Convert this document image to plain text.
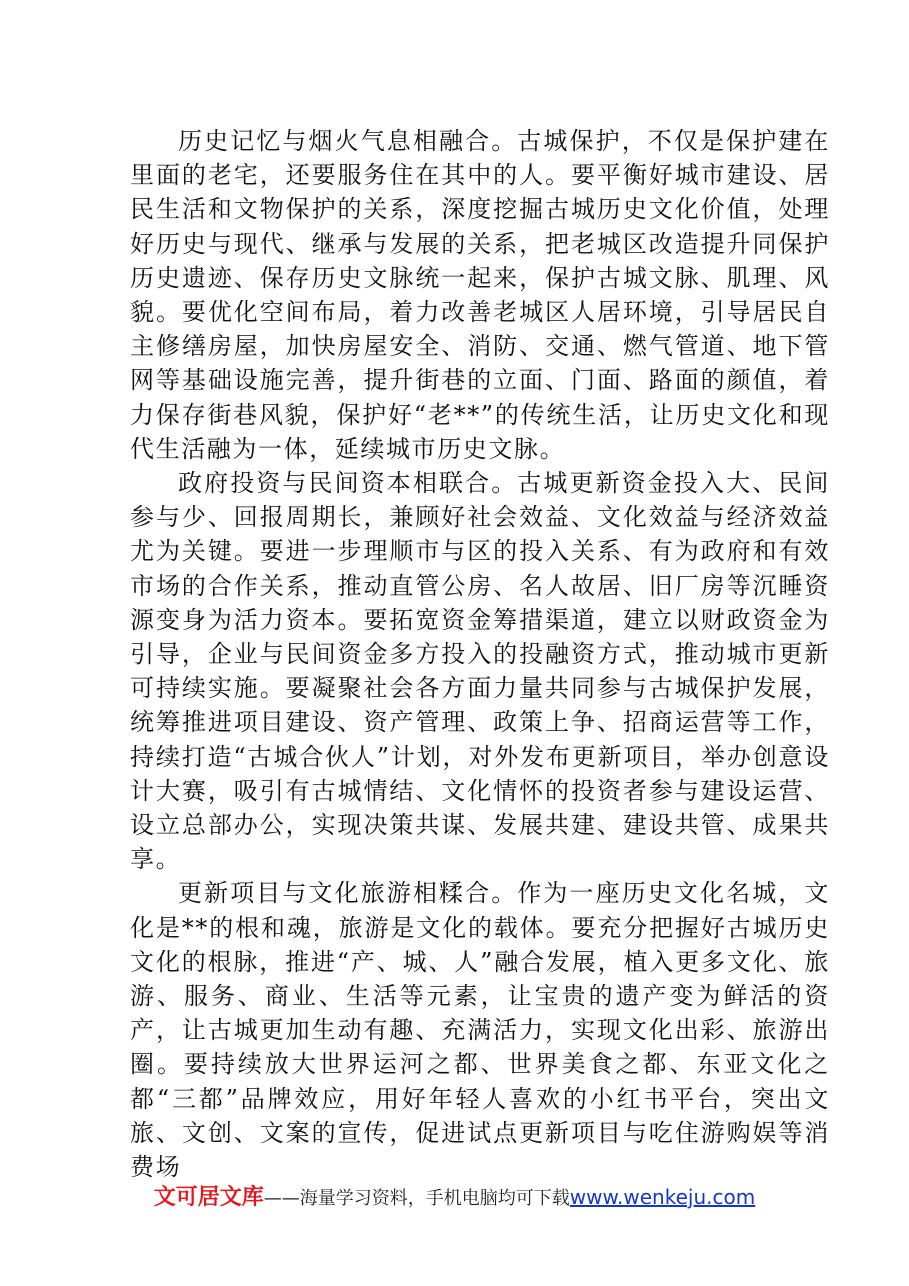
历史记忆与烟火气息相融合。古城保护，不仅是保护建在里面的老宅，还要服务住在其中的人。要平衡好城市建设、居民生活和文物保护的关系，深度挖掘古城历史文化价值，处理好历史与现代、继承与发展的关系，把老城区改造提升同保护历史遗迹、保存历史文脉统一起来，保护古城文脉、肌理、风貌。要优化空间布局，着力改善老城区人居环境，引导居民自主修缮房屋，加快房屋安全、消防、交通、燃气管道、地下管网等基础设施完善，提升街巷的立面、门面、路面的颜值，着力保存街巷风貌，保护好“老**”的传统生活，让历史文化和现代生活融为一体，延续城市历史文脉。

政府投资与民间资本相联合。古城更新资金投入大、民间参与少、回报周期长，兼顾好社会效益、文化效益与经济效益尤为关键。要进一步理顺市与区的投入关系、有为政府和有效市场的合作关系，推动直管公房、名人故居、旧厂房等沉睡资源变身为活力资本。要拓宽资金筹措渠道，建立以财政资金为引导，企业与民间资金多方投入的投融资方式，推动城市更新可持续实施。要凝聚社会各方面力量共同参与古城保护发展，统筹推进项目建设、资产管理、政策上争、招商运营等工作，持续打造“古城合伙人”计划，对外发布更新项目，举办创意设计大赛，吸引有古城情结、文化情怀的投资者参与建设运营、设立总部办公，实现决策共谋、发展共建、建设共管、成果共享。

更新项目与文化旅游相糅合。作为一座历史文化名城，文化是**的根和魂，旅游是文化的载体。要充分把握好古城历史文化的根脉，推进“产、城、人”融合发展，植入更多文化、旅游、服务、商业、生活等元素，让宝贵的遗产变为鲜活的资产，让古城更加生动有趣、充满活力，实现文化出彩、旅游出圈。要持续放大世界运河之都、世界美食之都、东亚文化之都“三都”品牌效应，用好年轻人喜欢的小红书平台，突出文旅、文创、文案的宣传，促进试点更新项目与吃住游购娱等消费场

文可居文库——海量学习资料，手机电脑均可下载www.wenkeju.com
